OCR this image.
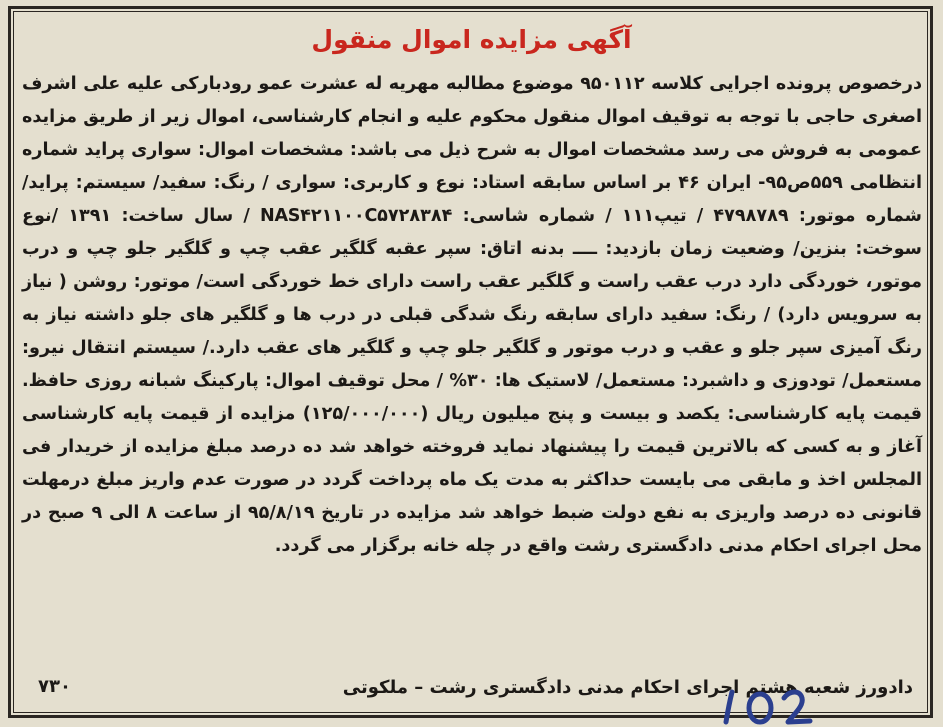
آگهی مزایده اموال منقول
درخصوص پرونده اجرایی کلاسه ۹۵۰۱۱۲ موضوع مطالبه مهریه له عشرت عمو رودبارکی علیه علی اشرف اصغری حاجی با توجه به توقیف اموال منقول محکوم علیه و انجام کارشناسی، اموال زیر از طریق مزایده عمومی به فروش می رسد مشخصات اموال به شرح ذیل می باشد: مشخصات اموال: سواری پراید شماره انتظامی ۵۵۹ص۹۵- ایران ۴۶ بر اساس سابقه استاد: نوع و کاربری: سواری / رنگ: سفید/ سیستم: پراید/ شماره موتور: ۴۷۹۸۷۸۹ / تیپ۱۱۱ / شماره شاسی: NAS۴۲۱۱۰۰C۵۷۲۸۳۸۴ / سال ساخت: ۱۳۹۱ /نوع سوخت: بنزین/ وضعیت زمان بازدید: ــــ بدنه اتاق: سپر عقبه گلگیر عقب چپ و گلگیر جلو چپ و درب موتور، خوردگی دارد درب عقب راست و گلگیر عقب راست دارای خط خوردگی است/ موتور: روشن ( نیاز به سرویس دارد) / رنگ: سفید دارای سابقه رنگ شدگی قبلی در درب ها و گلگیر های جلو داشته نیاز به رنگ آمیزی سپر جلو و عقب و درب موتور و گلگیر جلو چپ و گلگیر های عقب دارد./ سیستم انتقال نیرو: مستعمل/ تودوزی و داشبرد: مستعمل/ لاستیک ها: ۳۰% / محل توقیف اموال: پارکینگ شبانه روزی حافظ. قیمت پایه کارشناسی: یکصد و بیست و پنج میلیون ریال (۱۲۵/۰۰۰/۰۰۰) مزایده از قیمت پایه کارشناسی آغاز و به کسی که بالاترین قیمت را پیشنهاد نماید فروخته خواهد شد ده درصد مبلغ مزایده از خریدار فی المجلس اخذ و مابقی می بایست حداکثر به مدت یک ماه پرداخت گردد در صورت عدم واریز مبلغ درمهلت قانونی ده درصد واریزی به نفع دولت ضبط خواهد شد مزایده در تاریخ ۹۵/۸/۱۹ از ساعت ۸ الی ۹ صبح در محل اجرای احکام مدنی دادگستری رشت واقع در چله خانه برگزار می گردد.
دادورز شعبه هشتم اجرای احکام مدنی دادگستری رشت – ملکوتی
۷۳۰
